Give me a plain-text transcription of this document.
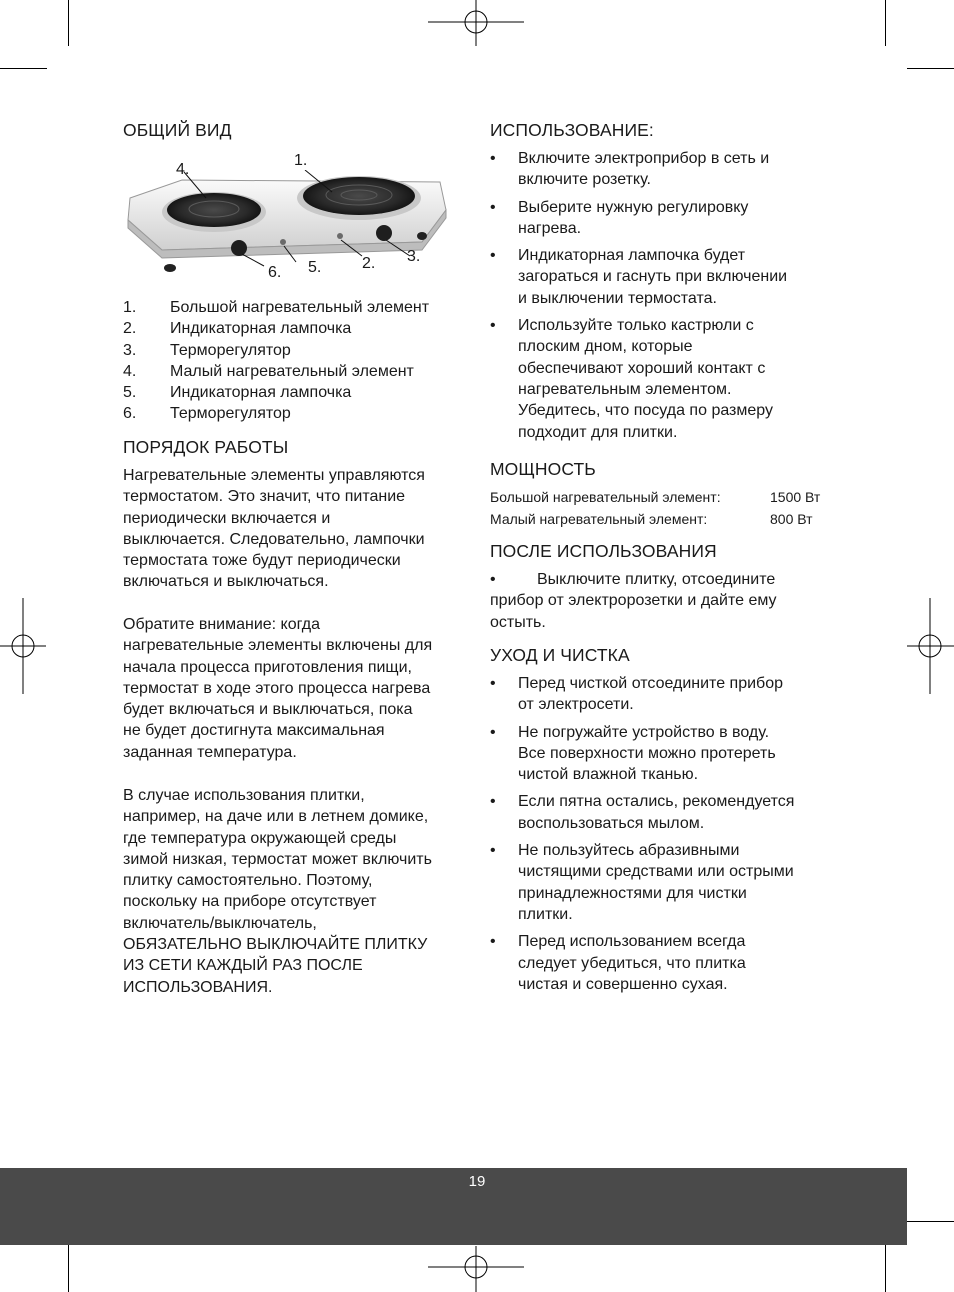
ОБЩИЙ ВИД
1.
2. 3.
4.
5.
6.
1. Большой нагревательный элемент
2. Индикаторная лампочка
3. Терморегулятор
4. Малый нагревательный элемент
5. Индикаторная лампочка
6. Терморегулятор
ПОРЯДОК РАБОТЫ
Нагревательные элементы управляются
термостатом. Это значит, что питание
периодически включается и
выключается. Следовательно, лампочки
термостата тоже будут периодически
включаться и выключаться.
Обратите внимание: когда
нагревательные элементы включены для
начала процесса приготовления пищи,
термостат в ходе этого процесса нагрева
будет включаться и выключаться, пока
не будет достигнута максимальная
заданная температура.
В случае использования плитки,
например, на даче или в летнем домике,
где температура окружающей среды
зимой низкая, термостат может включить
плитку самостоятельно. Поэтому,
поскольку на приборе отсутствует
включатель/выключатель,
ОБЯЗАТЕЛЬНО ВЫКЛЮЧАЙТЕ ПЛИТКУ
ИЗ СЕТИ КАЖДЫЙ РАЗ ПОСЛЕ
ИСПОЛЬЗОВАНИЯ.
ИСПОЛЬЗОВАНИЕ:
• Включите электроприбор в сеть и
включите розетку.
• Выберите нужную регулировку
нагрева.
• Индикаторная лампочка будет
загораться и гаснуть при включении
и выключении термостата.
• Используйте только кастрюли с
плоским дном, которые
обеспечивают хороший контакт с
нагревательным элементом.
Убедитесь, что посуда по размеру
подходит для плитки.
МОЩНОСТЬ
Большой нагревательный элемент:	1500 Вт
Малый нагревательный элемент:	800 Вт
ПОСЛЕ ИСПОЛЬЗОВАНИЯ
•	Выключите плитку, отсоедините
прибор от электророзетки и дайте ему
остыть.
УХОД И ЧИСТКА
• Перед чисткой отсоедините прибор
от электросети.
• Не погружайте устройство в воду.
Все поверхности можно протереть
чистой влажной тканью.
• Если пятна остались, рекомендуется
воспользоваться мылом.
• Не пользуйтесь абразивными
чистящими средствами или острыми
принадлежностями для чистки
плитки.
• Перед использованием всегда
следует убедиться, что плитка
чистая и совершенно сухая.
19
